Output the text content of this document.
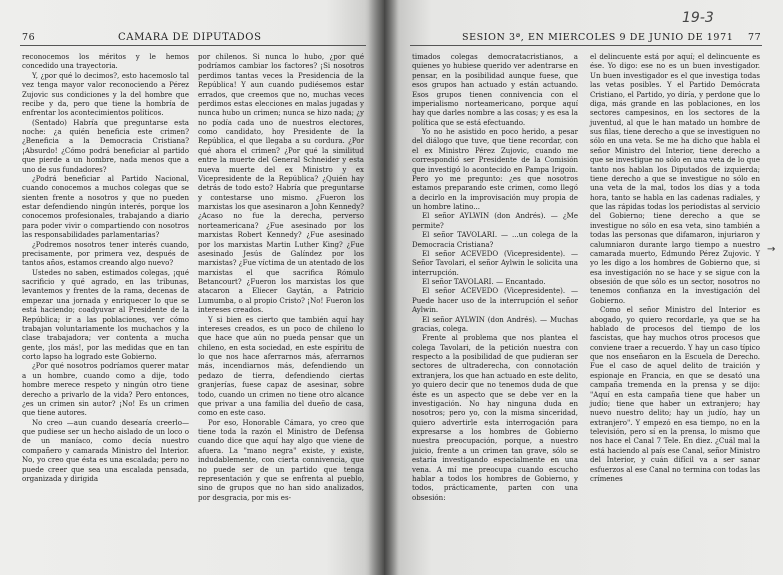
76	CAMARA DE DIPUTADOS

reconocemos los méritos y le hemos concedido una trayectoria.

Y, ¿por qué lo decimos?, esto hacemoslo tal vez tenga mayor valor reconociendo a Pérez Zujovic sus condiciones y la del hombre que recibe y da, pero que tiene la hombría de enfrentar los acontecimientos políticos.

(Sentado) Habría que preguntarse esta noche: ¿a quién beneficia este crimen? ¿Beneficia a la Democracia Cristiana? ¡Absurdo! ¿Cómo podrá beneficiar al partido que pierde a un hombre, nada menos que a uno de sus fundadores?

¿Podrá beneficiar al Partido Nacional, cuando conocemos a muchos colegas que se sienten frente a nosotros y que no pueden estar defendiendo ningún interés, porque los conocemos profesionales, trabajando a diario para poder vivir o compartiendo con nosotros las responsabilidades parlamentarias?

¿Podremos nosotros tener interés cuando, precisamente, por primera vez, después de tantos años, estamos creando algo nuevo?

Ustedes no saben, estimados colegas, ¡qué sacrificio y qué agrado, en las tribunas, levantemos y frentes de la rama, decenas de empezar una jornada y enriquecer lo que se está haciendo; coadyuvar al Presidente de la República; ir a las poblaciones, ver cómo trabajan voluntariamente los muchachos y la clase trabajadora; ver contenta a mucha gente, ¡los más!, por las medidas que en tan corto lapso ha logrado este Gobierno.

¿Por qué nosotros podríamos querer matar a un hombre, cuando como a dije, todo hombre merece respeto y ningún otro tiene derecho a privarlo de la vida? Pero entonces, ¿es un crimen sin autor? ¡No! Es un crimen que tiene autores.

No creo —aun cuando desearía creerlo— que pudiese ser un hecho aislado de un loco o de un maníaco, como decía nuestro compañero y camarada Ministro del Interior. No, yo creo que ésta es una escalada; pero no puede creer que sea una escalada pensada, organizada y dirigida

por chilenos. Si nunca lo hubo, ¿por qué podríamos cambiar los factores? ¡Si nosotros perdimos tantas veces la Presidencia de la República! Y aun cuando pudiésemos estar errados, que creemos que no, muchas veces perdimos estas elecciones en malas jugadas y nunca hubo un crimen; nunca se hizo nada; ¿y no podía cada uno de nuestros electores, como candidato, hoy Presidente de la República, el que llegaba a su cordura. ¿Por qué ahora el crimen? ¿Por qué la similitud entre la muerte del General Schneider y esta nueva muerte del ex Ministro y ex Vicepresidente de la República? ¿Quién hay detrás de todo esto? Habría que preguntarse y contestarse uno mismo. ¿Fueron los marxistas los que asesinaron a John Kennedy? ¿Acaso no fue la derecha, perverso norteamericana? ¿Fue asesinado por los marxistas Robert Kennedy? ¿Fue asesinado por los marxistas Martin Luther King? ¿Fue asesinado Jesús de Galíndez por los marxistas? ¿Fue víctima de un atentado de los marxistas el que sacrifica Rómulo Betancourt? ¿Fueron los marxistas los que atacaron a Eliecer Gaytán, a Patricio Lumumba, o al propio Cristo? ¡No! Fueron los intereses creados.

Y si bien es cierto que también aquí hay intereses creados, es un poco de chileno lo que hace que aún no pueda pensar que un chileno, en esta sociedad, en este espíritu de lo que nos hace aferrarnos más, aferrarnos más, incendiarnos más, defendiendo un pedazo de tierra, defendiendo ciertas granjerías, fuese capaz de asesinar, sobre todo, cuando un crimen no tiene otro alcance que privar a una familia del dueño de casa, como en este caso.

Por eso, Honorable Cámara, yo creo que tiene toda la razón el Ministro de Defensa cuando dice que aquí hay algo que viene de afuera. La "mano negra" existe, y existe, indudablemente, con cierta connivencia, que no puede ser de un partido que tenga representación y que se enfrenta al pueblo, sino de grupos que no han sido analizados, por desgracia, por mis es-

19-3
SESION 3ª, EN MIERCOLES 9 DE JUNIO DE 1971 77

timados colegas democratacristianos, a quienes yo hubiese querido ver adentrarse en pensar, en la posibilidad aunque fuese, que esos grupos han actuado y están actuando. Esos grupos tienen connivencia con el imperialismo norteamericano, porque aquí hay que darles nombre a las cosas; y es esa la política que se está efectuando.

Yo no he asistido en poco herido, a pesar del diálogo que tuve, que tiene recordar, con el ex Ministro Pérez Zujovic, cuando me correspondió ser Presidente de la Comisión que investigó lo acontecido en Pampa Irigoin. Pero yo me pregunto: ¿es que nosotros estamos preparando este crimen, como llegó a decirlo en la improvisación muy propia de un hombre latino...

El señor AYLWIN (don Andrés). — ¿Me permite?

El señor TAVOLARI. — ...un colega de la Democracia Cristiana?

El señor ACEVEDO (Vicepresidente). — Señor Tavolari, el señor Aylwin le solicita una interrupción.

El señor TAVOLARI. — Encantado.

El señor ACEVEDO (Vicepresidente). — Puede hacer uso de la interrupción el señor Aylwin.

El señor AYLWIN (don Andrés). — Muchas gracias, colega.

Frente al problema que nos plantea el colega Tavolari, de la petición nuestra con respecto a la posibilidad de que pudieran ser sectores de ultraderecha, con connotación extranjera, los que han actuado en este delito, yo quiero decir que no tenemos duda de que éste es un aspecto que se debe ver en la investigación. No hay ninguna duda en nosotros; pero yo, con la misma sinceridad, quiero advertirle esta interrogación para expresarse a los hombres de Gobierno nuestra preocupación, porque, a nuestro juicio, frente a un crimen tan grave, sólo se estaría investigando especialmente en una vena. A mí me preocupa cuando escucho hablar a todos los hombres de Gobierno, y todos, prácticamente, parten con una obsesión:

el delincuente está por aquí; el delincuente es ése. Yo digo: ese no es un buen investigador. Un buen investigador es el que investiga todas las vetas posibles. Y el Partido Demócrata Cristiano, el Partido, yo diría, y perdone que lo diga, más grande en las poblaciones, en los sectores campesinos, en los sectores de la juventud, al que le han matado un hombre de sus filas, tiene derecho a que se investiguen no sólo en una veta. Se me ha dicho que habla el señor Ministro del Interior, tiene derecho a que se investigue no sólo en una veta de lo que tanto nos hablan los Diputados de izquierda; tiene derecho a que se investigue no sólo en una veta de la mal, todos los días y a toda hora, tanto se habla en las cadenas radiales, y que las rápidas todas los periodistas al servicio del Gobierno; tiene derecho a que se investigue no sólo en esa veta, sino también a todas las personas que difamaron, injuriaron y calumniaron durante largo tiempo a nuestro camarada muerto, Edmundo Pérez Zujovic. Y yo les digo a los hombres de Gobierno que, si esa investigación no se hace y se sigue con la obsesión de que sólo es un sector, nosotros no tenemos confianza en la investigación del Gobierno.

Como el señor Ministro del Interior es abogado, yo quiero recordarle, ya que se ha hablado de procesos del tiempo de los fascistas, que hay muchos otros procesos que conviene traer a recuerdo. Y hay un caso típico que nos enseñaron en la Escuela de Derecho. Fue el caso de aquel delito de traición y espionaje en Francia, en que se desató una campaña tremenda en la prensa y se dijo: "Aquí en esta campaña tiene que haber un judío; tiene que haber un extranjero; hay nuevo nuestro delito; hay un judío, hay un extranjero". Y empezó en esa tiempo, no en la televisión, pero sí en la prensa, lo mismo que nos hace el Canal 7 Tele. En diez. ¿Cuál mal la está haciendo al país ese Canal, señor Ministro del Interior, y cuán difícil va a ser sanar esfuerzos al ese Canal no termina con todas las crímenes

→
